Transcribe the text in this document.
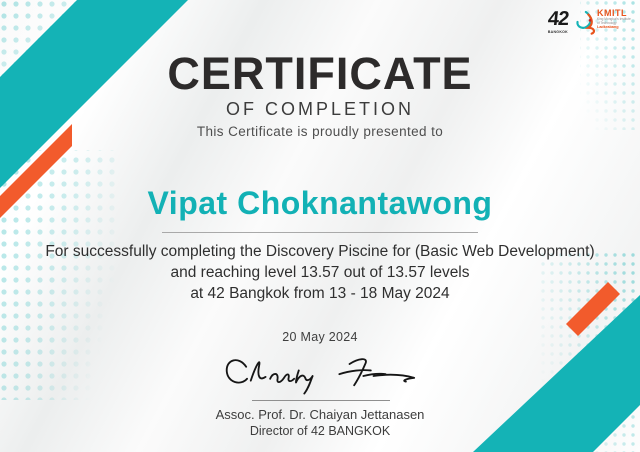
42
BANGKOK
KMITL
King Mongkut's Institute
of Technology
Ladkrabang
CERTIFICATE
OF COMPLETION
This Certificate is proudly presented to
Vipat Choknantawong
For successfully completing the Discovery Piscine for (Basic Web Development)
and reaching level 13.57 out of 13.57 levels
at 42 Bangkok from 13 - 18 May 2024
20 May 2024
Assoc. Prof. Dr. Chaiyan Jettanasen
Director of 42 BANGKOK
